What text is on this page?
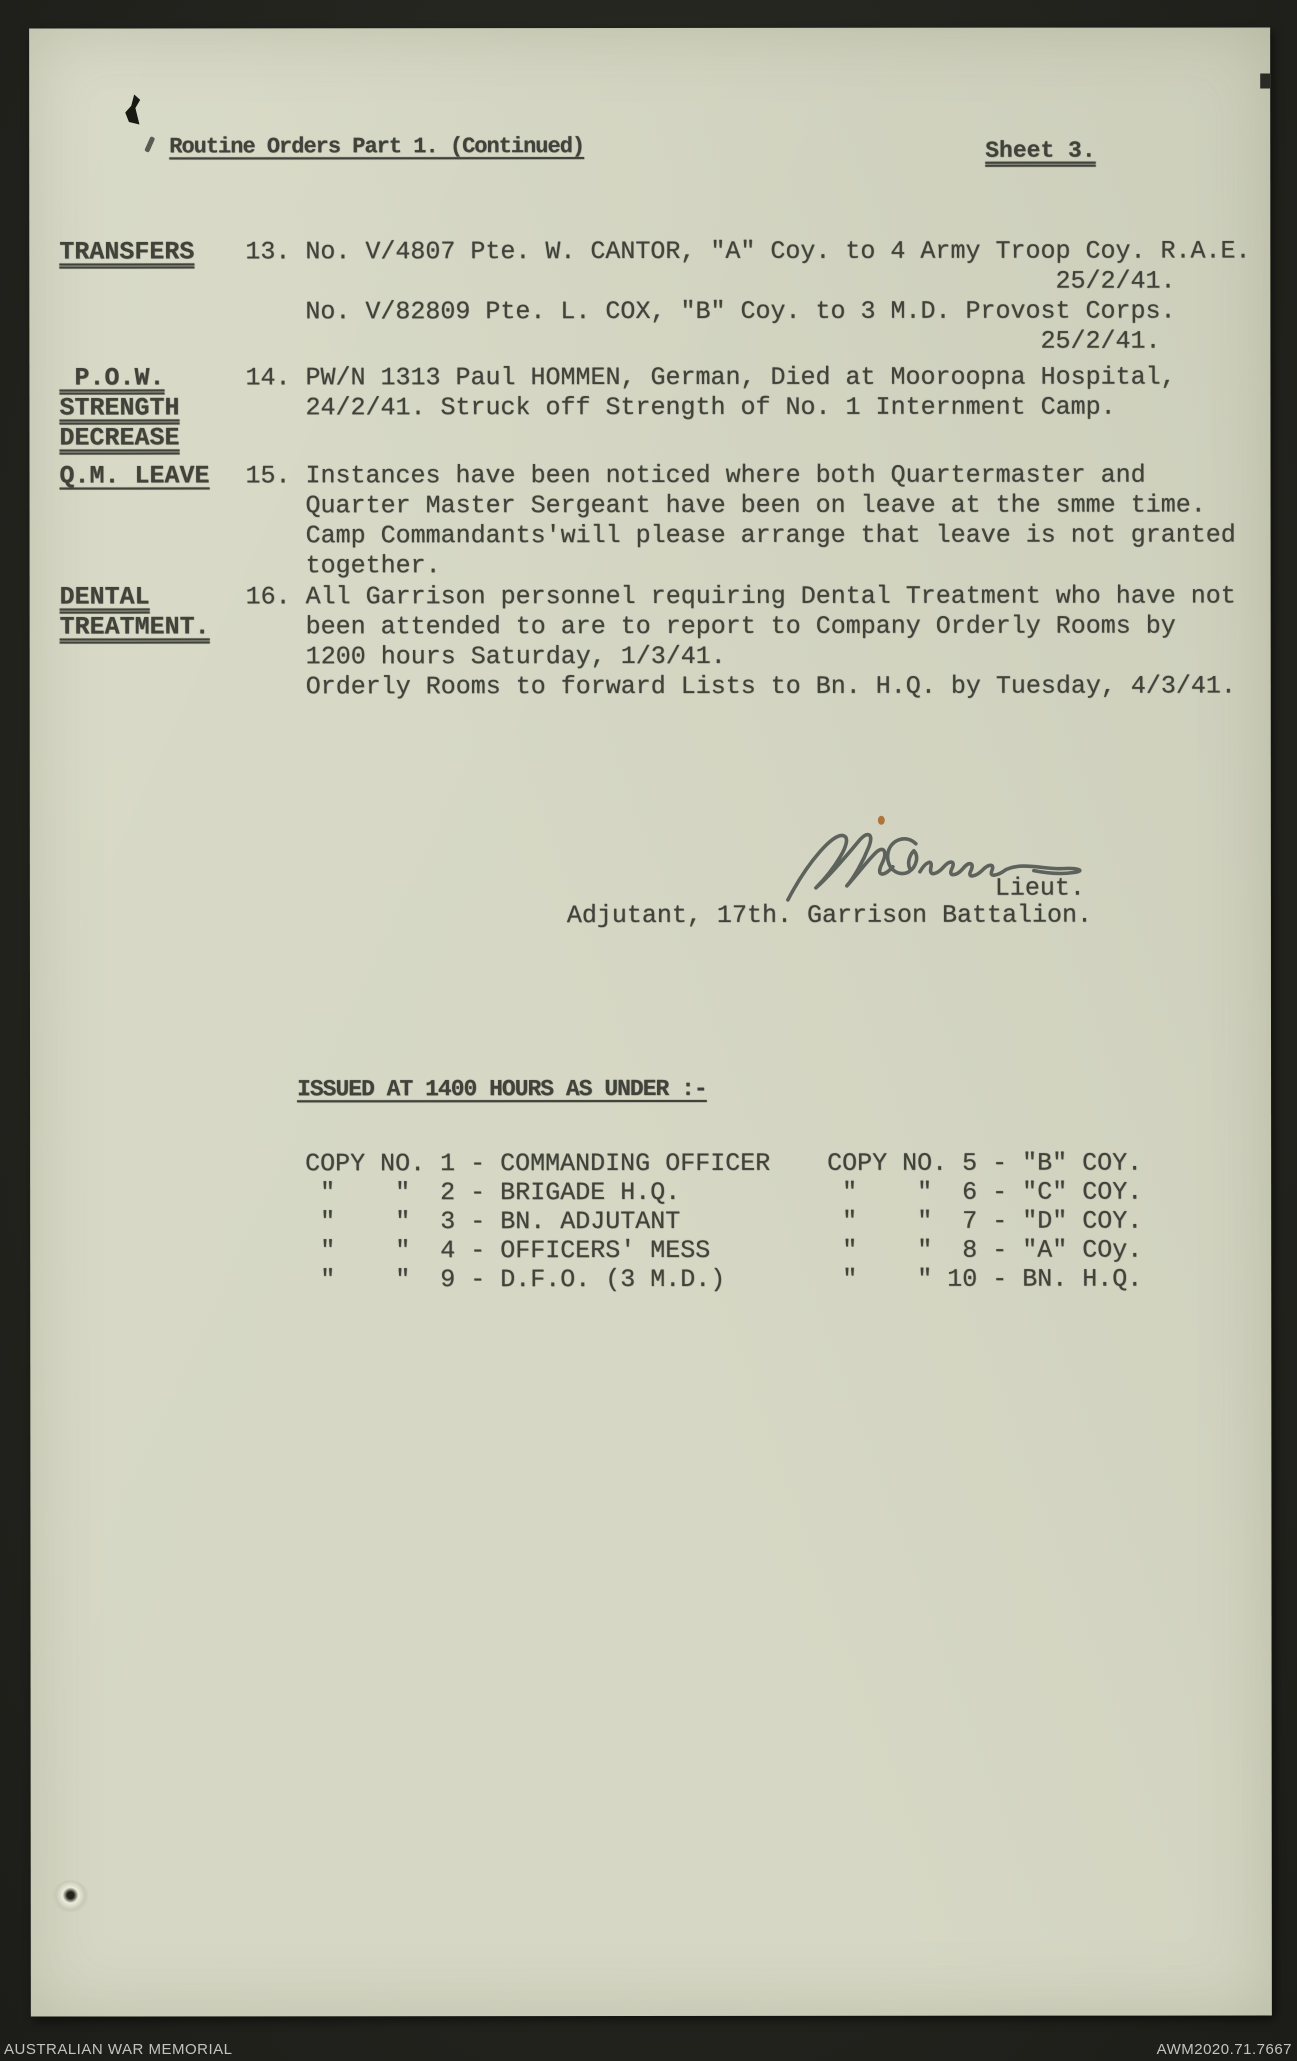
Routine Orders Part 1. (Continued)	Sheet 3.
TRANSFERS 13. No. V/4807 Pte. W. CANTOR, "A" Coy. to 4 Army Troop Coy. R.A.E.
25/2/41.
No. V/82809 Pte. L. COX, "B" Coy. to 3 M.D. Provost Corps.
25/2/41.
P.O.W.
STRENGTH
DECREASE
14. PW/N 1313 Paul HOMMEN, German, Died at Mooroopna Hospital,
24/2/41. Struck off Strength of No. 1 Internment Camp.
Q.M. LEAVE 15. Instances have been noticed where both Quartermaster and
Quarter Master Sergeant have been on leave at the smme time.
Camp Commandants'will please arrange that leave is not granted
together.
DENTAL
TREATMENT.
16. All Garrison personnel requiring Dental Treatment who have not
been attended to are to report to Company Orderly Rooms by
1200 hours Saturday, 1/3/41.
Orderly Rooms to forward Lists to Bn. H.Q. by Tuesday, 4/3/41.
Lieut.
Adjutant, 17th. Garrison Battalion.
ISSUED AT 1400 HOURS AS UNDER :-
COPY NO. 1 - COMMANDING OFFICER
"    "  2 - BRIGADE H.Q.
"    "  3 - BN. ADJUTANT
"    "  4 - OFFICERS' MESS
"    "  9 - D.F.O. (3 M.D.)
COPY NO. 5 - "B" COY.
"    "  6 - "C" COY.
"    "  7 - "D" COY.
"    "  8 - "A" COy.
"    " 10 - BN. H.Q.
AUSTRALIAN WAR MEMORIAL	AWM2020.71.7667
